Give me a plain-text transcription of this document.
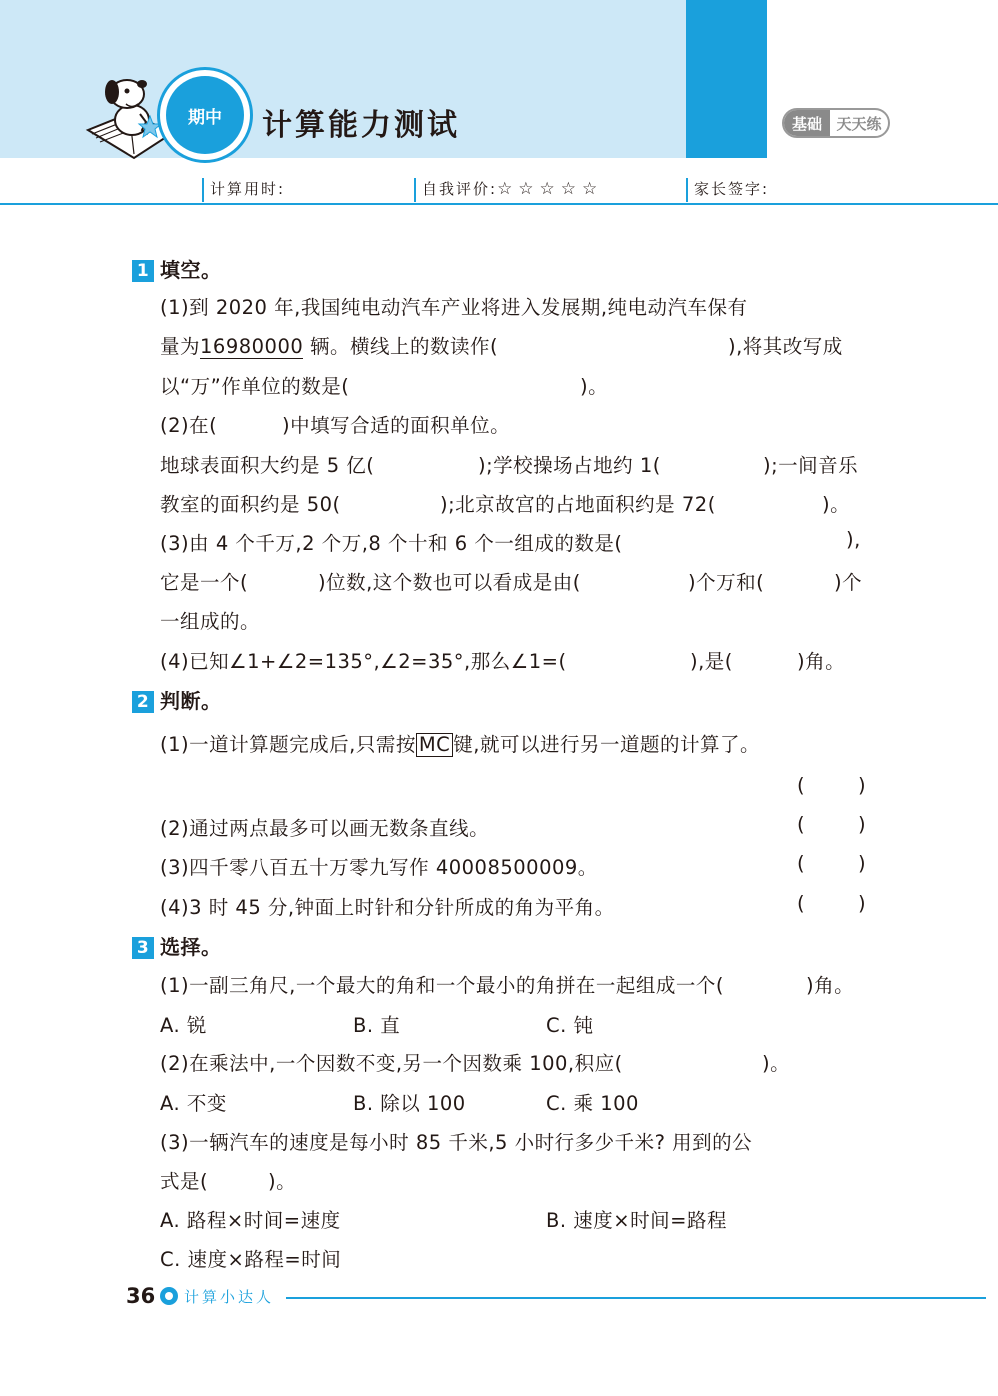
期中	计算能力测试	基础 天天练
计算用时:	自我评价:☆☆☆☆☆	家长签字:
1 填空。
(1)到 2020 年,我国纯电动汽车产业将进入发展期,纯电动汽车保有
量为16980000 辆。横线上的数读作(	),将其改写成
以“万”作单位的数是(	)。
(2)在(	)中填写合适的面积单位。
地球表面积大约是 5 亿(	);学校操场占地约 1(	);一间音乐
教室的面积约是 50(	);北京故宫的占地面积约是 72(	)。
(3)由 4 个千万,2 个万,8 个十和 6 个一组成的数是(	),
它是一个(	)位数,这个数也可以看成是由(	)个万和(	)个
一组成的。
(4)已知∠1+∠2=135°,∠2=35°,那么∠1=(	),是(	)角。
2 判断。
(1)一道计算题完成后,只需按 MC 键,就可以进行另一道题的计算了。
(	)
(2)通过两点最多可以画无数条直线。	(	)
(3)四千零八百五十万零九写作 40008500009。	(	)
(4)3 时 45 分,钟面上时针和分针所成的角为平角。	(	)
3 选择。
(1)一副三角尺,一个最大的角和一个最小的角拼在一起组成一个(	)角。
A. 锐	B. 直	C. 钝
(2)在乘法中,一个因数不变,另一个因数乘 100,积应(	)。
A. 不变	B. 除以 100	C. 乘 100
(3)一辆汽车的速度是每小时 85 千米,5 小时行多少千米? 用到的公
式是(	)。
A. 路程×时间=速度	B. 速度×时间=路程
C. 速度×路程=时间
36 计算小达人
